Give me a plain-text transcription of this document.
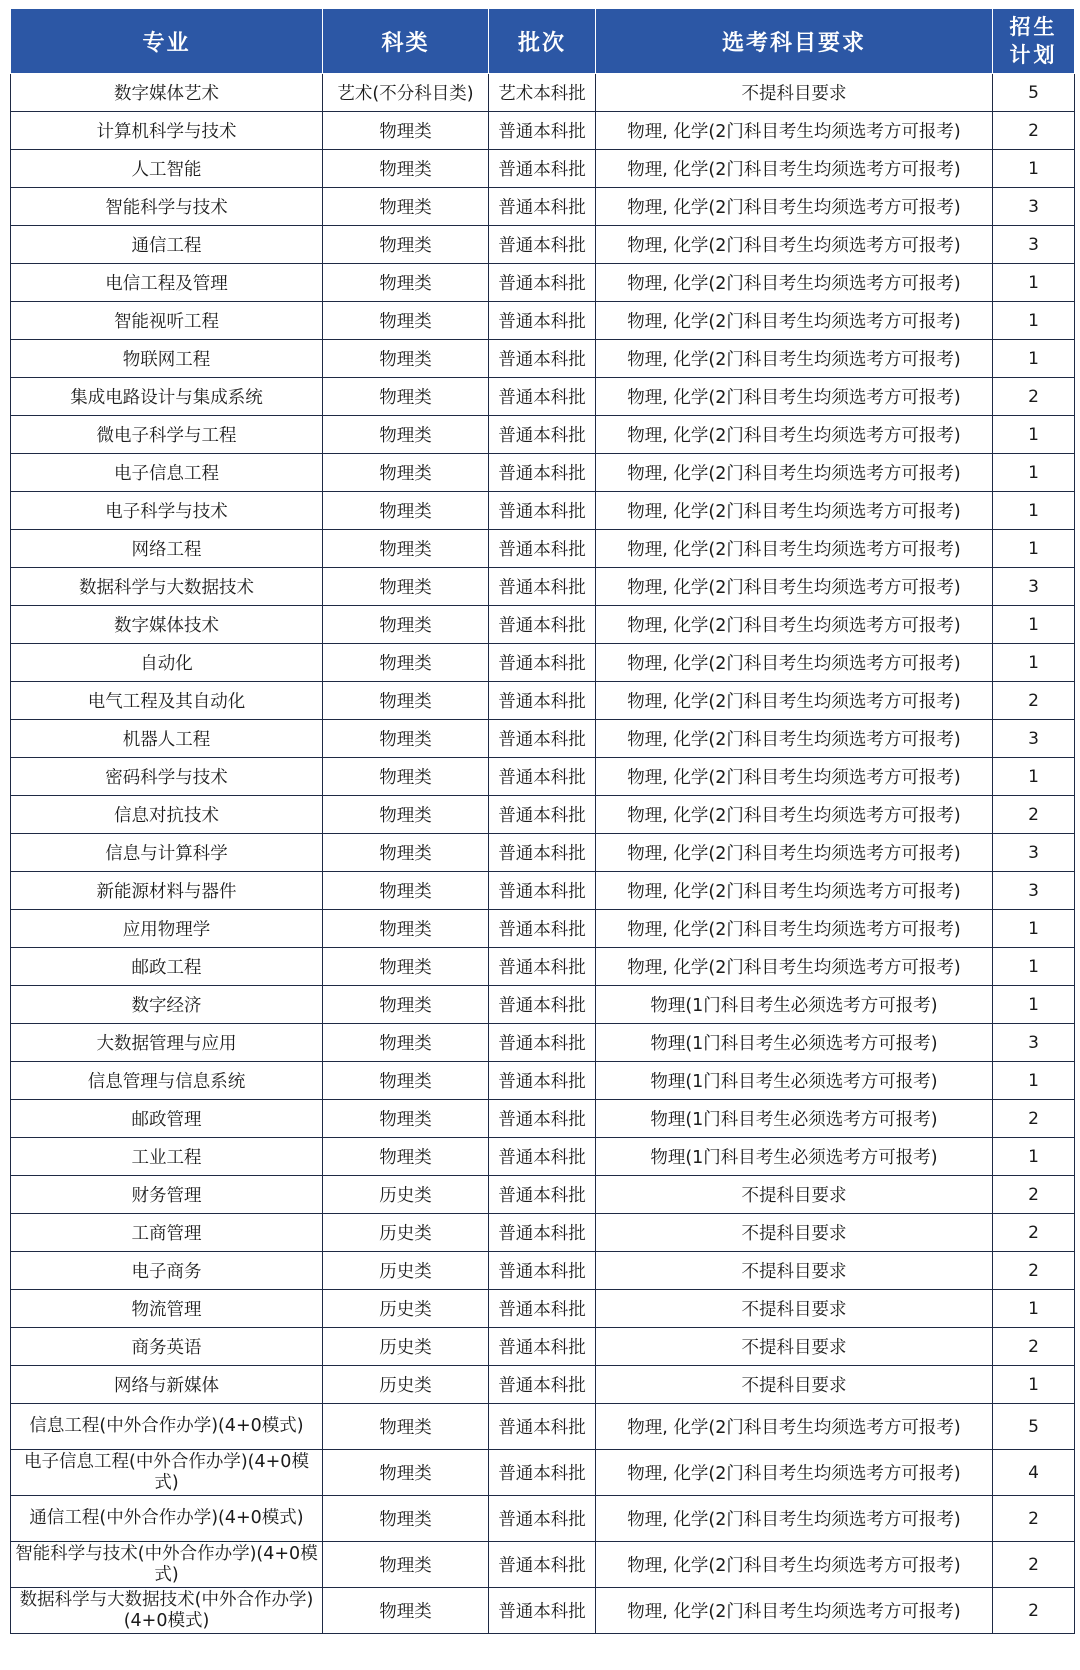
专业	科类	批次	选考科目要求	招生
计划
数字媒体艺术	艺术(不分科目类)	艺术本科批	不提科目要求	5
计算机科学与技术	物理类	普通本科批	物理, 化学(2门科目考生均须选考方可报考)	2
人工智能	物理类	普通本科批	物理, 化学(2门科目考生均须选考方可报考)	1
智能科学与技术	物理类	普通本科批	物理, 化学(2门科目考生均须选考方可报考)	3
通信工程	物理类	普通本科批	物理, 化学(2门科目考生均须选考方可报考)	3
电信工程及管理	物理类	普通本科批	物理, 化学(2门科目考生均须选考方可报考)	1
智能视听工程	物理类	普通本科批	物理, 化学(2门科目考生均须选考方可报考)	1
物联网工程	物理类	普通本科批	物理, 化学(2门科目考生均须选考方可报考)	1
集成电路设计与集成系统	物理类	普通本科批	物理, 化学(2门科目考生均须选考方可报考)	2
微电子科学与工程	物理类	普通本科批	物理, 化学(2门科目考生均须选考方可报考)	1
电子信息工程	物理类	普通本科批	物理, 化学(2门科目考生均须选考方可报考)	1
电子科学与技术	物理类	普通本科批	物理, 化学(2门科目考生均须选考方可报考)	1
网络工程	物理类	普通本科批	物理, 化学(2门科目考生均须选考方可报考)	1
数据科学与大数据技术	物理类	普通本科批	物理, 化学(2门科目考生均须选考方可报考)	3
数字媒体技术	物理类	普通本科批	物理, 化学(2门科目考生均须选考方可报考)	1
自动化	物理类	普通本科批	物理, 化学(2门科目考生均须选考方可报考)	1
电气工程及其自动化	物理类	普通本科批	物理, 化学(2门科目考生均须选考方可报考)	2
机器人工程	物理类	普通本科批	物理, 化学(2门科目考生均须选考方可报考)	3
密码科学与技术	物理类	普通本科批	物理, 化学(2门科目考生均须选考方可报考)	1
信息对抗技术	物理类	普通本科批	物理, 化学(2门科目考生均须选考方可报考)	2
信息与计算科学	物理类	普通本科批	物理, 化学(2门科目考生均须选考方可报考)	3
新能源材料与器件	物理类	普通本科批	物理, 化学(2门科目考生均须选考方可报考)	3
应用物理学	物理类	普通本科批	物理, 化学(2门科目考生均须选考方可报考)	1
邮政工程	物理类	普通本科批	物理, 化学(2门科目考生均须选考方可报考)	1
数字经济	物理类	普通本科批	物理(1门科目考生必须选考方可报考)	1
大数据管理与应用	物理类	普通本科批	物理(1门科目考生必须选考方可报考)	3
信息管理与信息系统	物理类	普通本科批	物理(1门科目考生必须选考方可报考)	1
邮政管理	物理类	普通本科批	物理(1门科目考生必须选考方可报考)	2
工业工程	物理类	普通本科批	物理(1门科目考生必须选考方可报考)	1
财务管理	历史类	普通本科批	不提科目要求	2
工商管理	历史类	普通本科批	不提科目要求	2
电子商务	历史类	普通本科批	不提科目要求	2
物流管理	历史类	普通本科批	不提科目要求	1
商务英语	历史类	普通本科批	不提科目要求	2
网络与新媒体	历史类	普通本科批	不提科目要求	1
信息工程(中外合作办学)(4+0模式)	物理类	普通本科批	物理, 化学(2门科目考生均须选考方可报考)	5
电子信息工程(中外合作办学)(4+0模式)	物理类	普通本科批	物理, 化学(2门科目考生均须选考方可报考)	4
通信工程(中外合作办学)(4+0模式)	物理类	普通本科批	物理, 化学(2门科目考生均须选考方可报考)	2
智能科学与技术(中外合作办学)(4+0模式)	物理类	普通本科批	物理, 化学(2门科目考生均须选考方可报考)	2
数据科学与大数据技术(中外合作办学)(4+0模式)	物理类	普通本科批	物理, 化学(2门科目考生均须选考方可报考)	2
